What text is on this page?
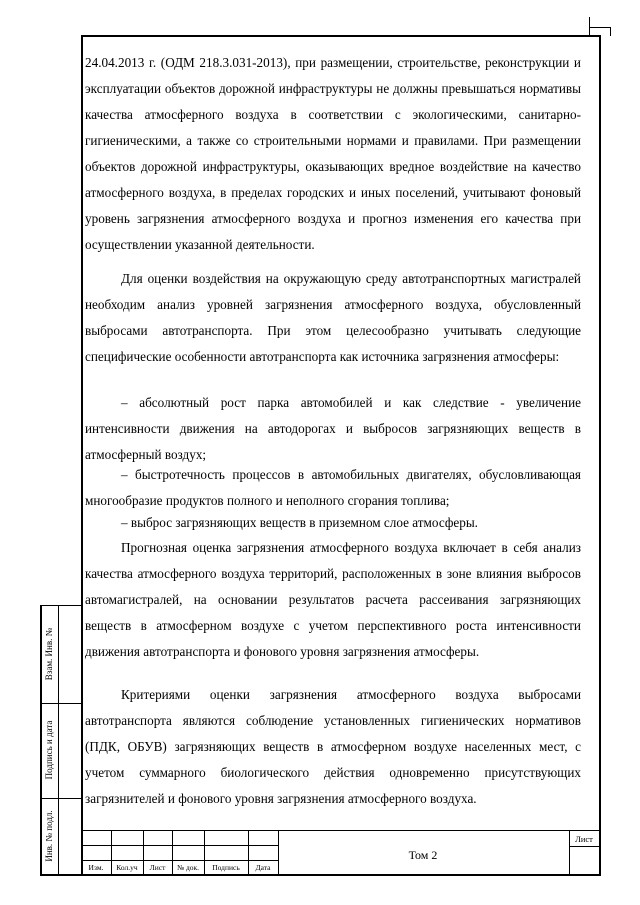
24.04.2013 г. (ОДМ 218.3.031-2013), при размещении, строительстве, реконструкции и эксплуатации объектов дорожной инфраструктуры не должны превышаться нормативы качества атмосферного воздуха в соответствии с экологическими, санитарно-гигиеническими, а также со строительными нормами и правилами. При размещении объектов дорожной инфраструктуры, оказывающих вредное воздействие на качество атмосферного воздуха, в пределах городских и иных поселений, учитывают фоновый уровень загрязнения атмосферного воздуха и прогноз изменения его качества при осуществлении указанной деятельности.

Для оценки воздействия на окружающую среду автотранспортных магистралей необходим анализ уровней загрязнения атмосферного воздуха, обусловленный выбросами автотранспорта. При этом целесообразно учитывать следующие специфические особенности автотранспорта как источника загрязнения атмосферы:

– абсолютный рост парка автомобилей и как следствие - увеличение интенсивности движения на автодорогах и выбросов загрязняющих веществ в атмосферный воздух;

– быстротечность процессов в автомобильных двигателях, обусловливающая многообразие продуктов полного и неполного сгорания топлива;

– выброс загрязняющих веществ в приземном слое атмосферы.

Прогнозная оценка загрязнения атмосферного воздуха включает в себя анализ качества атмосферного воздуха территорий, расположенных в зоне влияния выбросов автомагистралей, на основании результатов расчета рассеивания загрязняющих веществ в атмосферном воздухе с учетом перспективного роста интенсивности движения автотранспорта и фонового уровня загрязнения атмосферы.

Критериями оценки загрязнения атмосферного воздуха выбросами автотранспорта являются соблюдение установленных гигиенических нормативов (ПДК, ОБУВ) загрязняющих веществ в атмосферном воздухе населенных мест, с учетом суммарного биологического действия одновременно присутствующих загрязнителей и фонового уровня загрязнения атмосферного воздуха.

Взам. Инв. №
Подпись и дата
Инв. № подл.
Изм.	Кол.уч	Лист	№ док.	Подпись	Дата
Том 2
Лист
